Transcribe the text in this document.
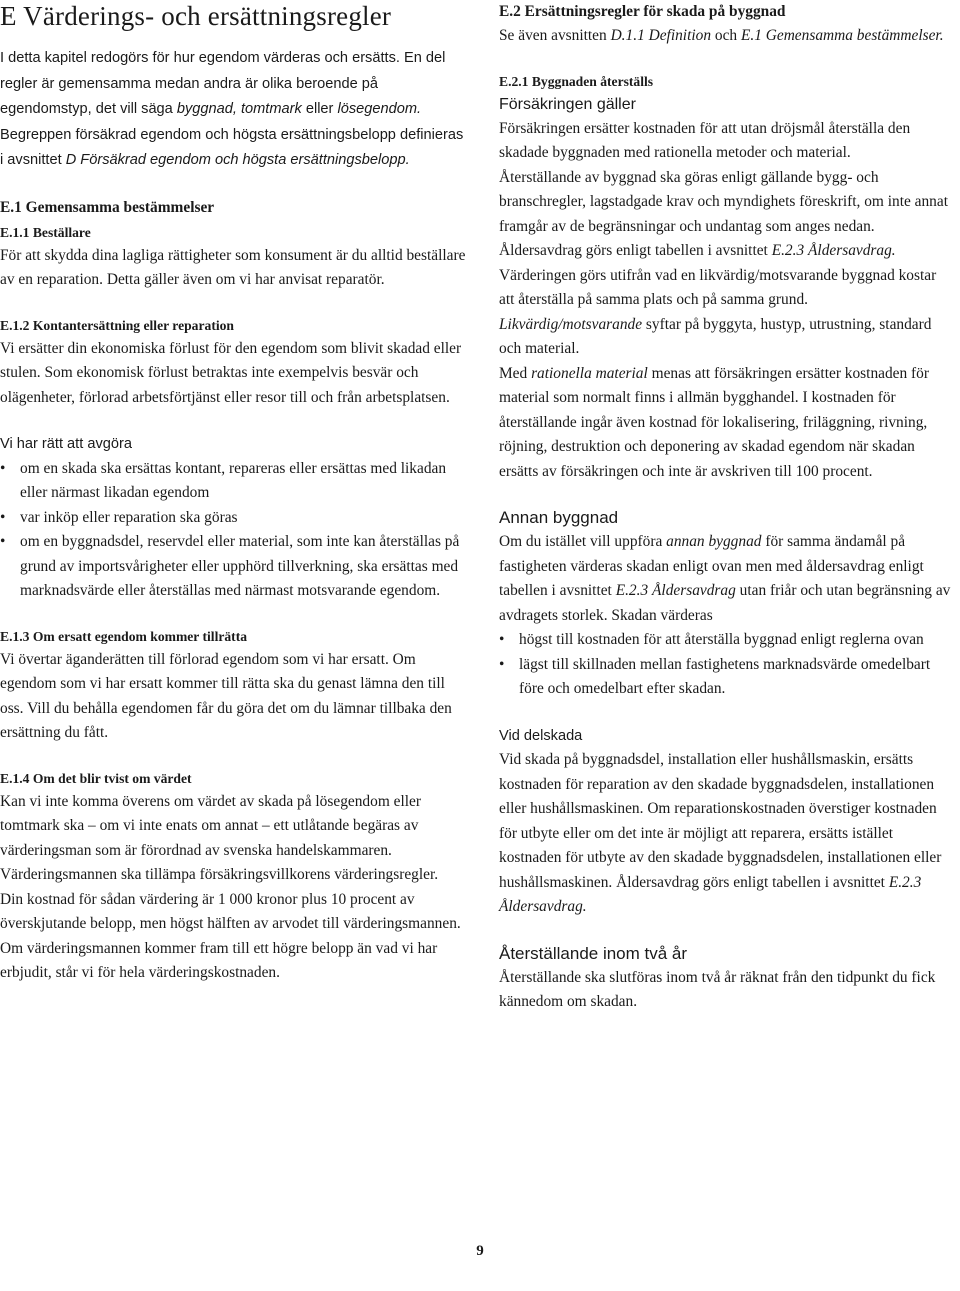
E Värderings- och ersättningsregler

I detta kapitel redogörs för hur egendom värderas och ersätts. En del regler är gemensamma medan andra är olika beroende på egendomstyp, det vill säga byggnad, tomtmark eller lösegendom.

Begreppen försäkrad egendom och högsta ersättningsbelopp definieras i avsnittet D Försäkrad egendom och högsta ersättningsbelopp.

E.1 Gemensamma bestämmelser

E.1.1 Beställare

För att skydda dina lagliga rättigheter som konsument är du alltid beställare av en reparation. Detta gäller även om vi har anvisat reparatör.

E.1.2 Kontantersättning eller reparation

Vi ersätter din ekonomiska förlust för den egendom som blivit skadad eller stulen. Som ekonomisk förlust betraktas inte exempelvis besvär och olägenheter, förlorad arbetsförtjänst eller resor till och från arbetsplatsen.

Vi har rätt att avgöra

• om en skada ska ersättas kontant, repareras eller ersättas med likadan eller närmast likadan egendom
• var inköp eller reparation ska göras
• om en byggnadsdel, reservdel eller material, som inte kan återställas på grund av importsvårigheter eller upphörd tillverkning, ska ersättas med marknadsvärde eller återställas med närmast motsvarande egendom.

E.1.3 Om ersatt egendom kommer tillrätta

Vi övertar äganderätten till förlorad egendom som vi har ersatt. Om egendom som vi har ersatt kommer till rätta ska du genast lämna den till oss. Vill du behålla egendomen får du göra det om du lämnar tillbaka den ersättning du fått.

E.1.4 Om det blir tvist om värdet

Kan vi inte komma överens om värdet av skada på lösegendom eller tomtmark ska – om vi inte enats om annat – ett utlåtande begäras av värderingsman som är förordnad av svenska handelskammaren. Värderingsmannen ska tillämpa försäkringsvillkorens värderingsregler.

Din kostnad för sådan värdering är 1 000 kronor plus 10 procent av överskjutande belopp, men högst hälften av arvodet till värderingsmannen. Om värderingsmannen kommer fram till ett högre belopp än vad vi har erbjudit, står vi för hela värderingskostnaden.

E.2 Ersättningsregler för skada på byggnad

Se även avsnitten D.1.1 Definition och E.1 Gemensamma bestämmelser.

E.2.1 Byggnaden återställs

Försäkringen gäller

Försäkringen ersätter kostnaden för att utan dröjsmål återställa den skadade byggnaden med rationella metoder och material.

Återställande av byggnad ska göras enligt gällande bygg- och branschregler, lagstadgade krav och myndighets föreskrift, om inte annat framgår av de begränsningar och undantag som anges nedan. Åldersavdrag görs enligt tabellen i avsnittet E.2.3 Åldersavdrag.

Värderingen görs utifrån vad en likvärdig/motsvarande byggnad kostar att återställa på samma plats och på samma grund. Likvärdig/motsvarande syftar på byggyta, hustyp, utrustning, standard och material.

Med rationella material menas att försäkringen ersätter kostnaden för material som normalt finns i allmän bygghandel. I kostnaden för återställande ingår även kostnad för lokalisering, friläggning, rivning, röjning, destruktion och deponering av skadad egendom när skadan ersätts av försäkringen och inte är avskriven till 100 procent.

Annan byggnad

Om du istället vill uppföra annan byggnad för samma ändamål på fastigheten värderas skadan enligt ovan men med åldersavdrag enligt tabellen i avsnittet E.2.3 Åldersavdrag utan friår och utan begränsning av avdragets storlek. Skadan värderas

• högst till kostnaden för att återställa byggnad enligt reglerna ovan
• lägst till skillnaden mellan fastighetens marknadsvärde omedelbart före och omedelbart efter skadan.

Vid delskada

Vid skada på byggnadsdel, installation eller hushållsmaskin, ersätts kostnaden för reparation av den skadade byggnadsdelen, installationen eller hushållsmaskinen. Om reparationskostnaden överstiger kostnaden för utbyte eller om det inte är möjligt att reparera, ersätts istället kostnaden för utbyte av den skadade byggnadsdelen, installationen eller hushållsmaskinen. Åldersavdrag görs enligt tabellen i avsnittet E.2.3 Åldersavdrag.

Återställande inom två år

Återställande ska slutföras inom två år räknat från den tidpunkt du fick kännedom om skadan.

9
